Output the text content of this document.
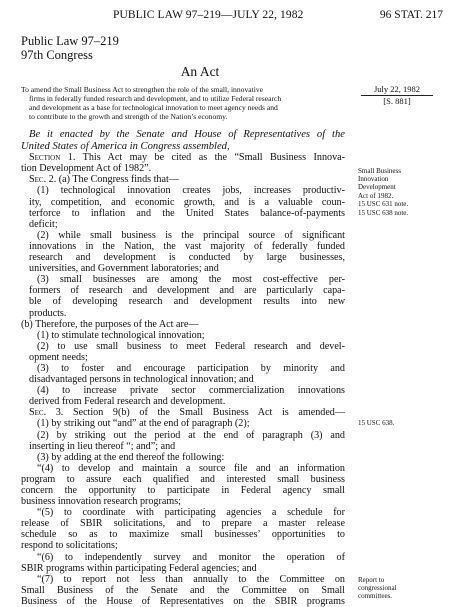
PUBLIC LAW 97–219—JULY 22, 1982	96 STAT. 217
Public Law 97–219
97th Congress
An Act
To amend the Small Business Act to strengthen the role of the small, innovative
firms in federally funded research and development, and to utilize Federal research
and development as a base for technological innovation to meet agency needs and
to contribute to the growth and strength of the Nation’s economy.
July 22, 1982
[S. 881]
Small Business
Innovation
Development
Act of 1982.
15 USC 631 note.
15 USC 638 note.
15 USC 638.
Report to
congressional
committees.

Be it enacted by the Senate and House of Representatives of the

United States of America in Congress assembled,

Section 1. This Act may be cited as the “Small Business Innova-

tion Development Act of 1982”.

Sec. 2. (a) The Congress finds that—

(1) technological innovation creates jobs, increases productiv-

ity, competition, and economic growth, and is a valuable coun-

terforce to inflation and the United States balance-of-payments

deficit;

(2) while small business is the principal source of significant

innovations in the Nation, the vast majority of federally funded

research and development is conducted by large businesses,

universities, and Government laboratories; and

(3) small businesses are among the most cost-effective per-

formers of research and development and are particularly capa-

ble of developing research and development results into new

products.

(b) Therefore, the purposes of the Act are—

(1) to stimulate technological innovation;

(2) to use small business to meet Federal research and devel-

opment needs;

(3) to foster and encourage participation by minority and

disadvantaged persons in technological innovation; and

(4) to increase private sector commercialization innovations

derived from Federal research and development.

Sec. 3. Section 9(b) of the Small Business Act is amended—

(1) by striking out “and” at the end of paragraph (2);

(2) by striking out the period at the end of paragraph (3) and

inserting in lieu thereof “; and”; and

(3) by adding at the end thereof the following:

“(4) to develop and maintain a source file and an information

program to assure each qualified and interested small business

concern the opportunity to participate in Federal agency small

business innovation research programs;

“(5) to coordinate with participating agencies a schedule for

release of SBIR solicitations, and to prepare a master release

schedule so as to maximize small businesses’ opportunities to

respond to solicitations;

“(6) to independently survey and monitor the operation of

SBIR programs within participating Federal agencies; and

“(7) to report not less than annually to the Committee on

Small Business of the Senate and the Committee on Small

Business of the House of Representatives on the SBIR programs
